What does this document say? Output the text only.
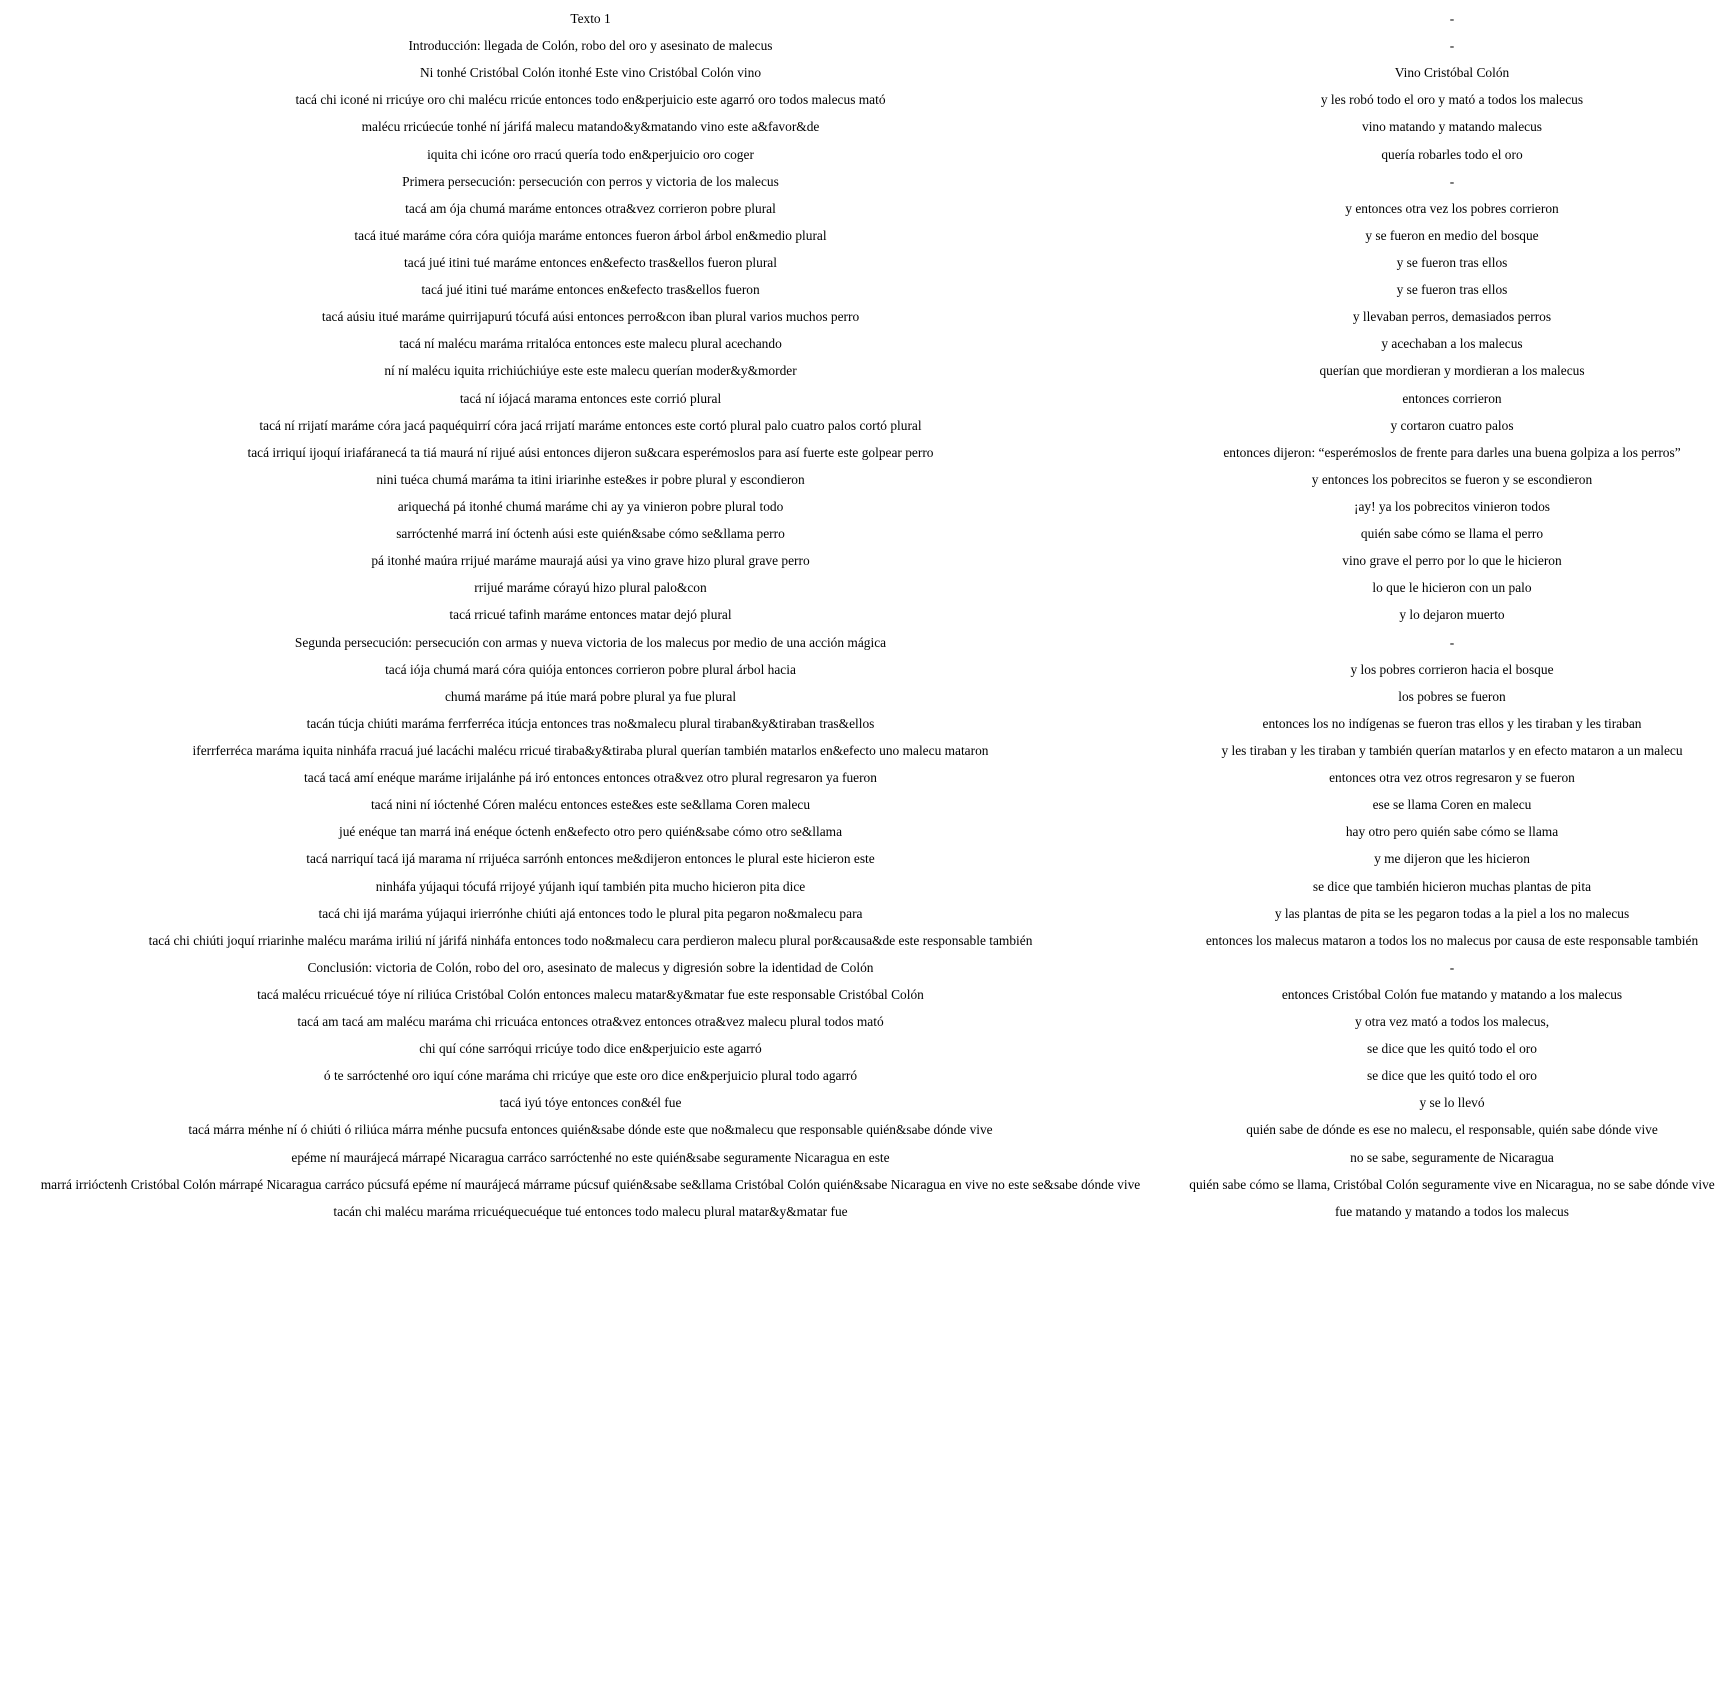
Texto 1	-
Introducción: llegada de Colón, robo del oro y asesinato de malecus	-
Ni tonhé Cristóbal Colón itonhé Este vino Cristóbal Colón vino	Vino Cristóbal Colón
tacá chi iconé ni rricúye oro chi malécu rricúe entonces todo en&perjuicio este agarró oro todos malecus mató	y les robó todo el oro y mató a todos los malecus
malécu rricúecúe tonhé ní járifá malecu matando&y&matando vino este a&favor&de	vino matando y matando malecus
iquita chi icóne oro rracú quería todo en&perjuicio oro coger	quería robarles todo el oro
Primera persecución: persecución con perros y victoria de los malecus	-
tacá am ója chumá maráme entonces otra&vez corrieron pobre plural	y entonces otra vez los pobres corrieron
tacá itué maráme córa córa quiója maráme entonces fueron árbol árbol en&medio plural	y se fueron en medio del bosque
tacá jué itini tué maráme entonces en&efecto tras&ellos fueron plural	y se fueron tras ellos
tacá jué itini tué maráme entonces en&efecto tras&ellos fueron	y se fueron tras ellos
tacá aúsiu itué maráme quirrijapurú tócufá aúsi entonces perro&con iban plural varios muchos perro	y llevaban perros, demasiados perros
tacá ní malécu maráma rritalóca entonces este malecu plural acechando	y acechaban a los malecus
ní ní malécu iquita rrichiúchiúye este este malecu querían moder&y&morder	querían que mordieran y mordieran a los malecus
tacá ní iójacá marama entonces este corrió plural	entonces corrieron
tacá ní rrijatí maráme córa jacá paquéquirrí córa jacá rrijatí maráme entonces este cortó plural palo cuatro palos cortó plural	y cortaron cuatro palos
tacá irriquí ijoquí iriafáranecá ta tiá maurá ní rijué aúsi entonces dijeron su&cara esperémoslos para así fuerte este golpear perro	entonces dijeron: “esperémoslos de frente para darles una buena golpiza a los perros”
nini tuéca chumá maráma ta itini iriarinhe este&es ir pobre plural y escondieron	y entonces los pobrecitos se fueron y se escondieron
ariquechá pá itonhé chumá maráme chi ay ya vinieron pobre plural todo	¡ay! ya los pobrecitos vinieron todos
sarróctenhé marrá iní óctenh aúsi este quién&sabe cómo se&llama perro	quién sabe cómo se llama el perro
pá itonhé maúra rrijué maráme maurajá aúsi ya vino grave hizo plural grave perro	vino grave el perro por lo que le hicieron
rrijué maráme córayú hizo plural palo&con	lo que le hicieron con un palo
tacá rricué tafinh maráme entonces matar dejó plural	y lo dejaron muerto
Segunda persecución: persecución con armas y nueva victoria de los malecus por medio de una acción mágica	-
tacá iója chumá mará córa quiója entonces corrieron pobre plural árbol hacia	y los pobres corrieron hacia el bosque
chumá maráme pá itúe mará pobre plural ya fue plural	los pobres se fueron
tacán túcja chiúti maráma ferrferréca itúcja entonces tras no&malecu plural tiraban&y&tiraban tras&ellos	entonces los no indígenas se fueron tras ellos y les tiraban y les tiraban
iferrferréca maráma iquita ninháfa rracuá jué lacáchi malécu rricué tiraba&y&tiraba plural querían también matarlos en&efecto uno malecu mataron	y les tiraban y les tiraban y también querían matarlos y en efecto mataron a un malecu
tacá tacá amí enéque maráme irijalánhe pá iró entonces entonces otra&vez otro plural regresaron ya fueron	entonces otra vez otros regresaron y se fueron
tacá nini ní ióctenhé Córen malécu entonces este&es este se&llama Coren malecu	ese se llama Coren en malecu
jué enéque tan marrá iná enéque óctenh en&efecto otro pero quién&sabe cómo otro se&llama	hay otro pero quién sabe cómo se llama
tacá narriquí tacá ijá marama ní rrijuéca sarrónh entonces me&dijeron entonces le plural este hicieron este	y me dijeron que les hicieron
ninháfa yújaqui tócufá rrijoyé yújanh iquí también pita mucho hicieron pita dice	se dice que también hicieron muchas plantas de pita
tacá chi ijá maráma yújaqui irierrónhe chiúti ajá entonces todo le plural pita pegaron no&malecu para	y las plantas de pita se les pegaron todas a la piel a los no malecus
tacá chi chiúti joquí rriarinhe malécu maráma iriliú ní járifá ninháfa entonces todo no&malecu cara perdieron malecu plural por&causa&de este responsable también	entonces los malecus mataron a todos los no malecus por causa de este responsable también
Conclusión: victoria de Colón, robo del oro, asesinato de malecus y digresión sobre la identidad de Colón	-
tacá malécu rricuécué tóye ní riliúca Cristóbal Colón entonces malecu matar&y&matar fue este responsable Cristóbal Colón	entonces Cristóbal Colón fue matando y matando a los malecus
tacá am tacá am malécu maráma chi rricuáca entonces otra&vez entonces otra&vez malecu plural todos mató	y otra vez mató a todos los malecus,
chi quí cóne sarróqui rricúye todo dice en&perjuicio este agarró	se dice que les quitó todo el oro
ó te sarróctenhé oro iquí cóne maráma chi rricúye que este oro dice en&perjuicio plural todo agarró	se dice que les quitó todo el oro
tacá iyú tóye entonces con&él fue	y se lo llevó
tacá márra ménhe ní ó chiúti ó riliúca márra ménhe pucsufa entonces quién&sabe dónde este que no&malecu que responsable quién&sabe dónde vive	quién sabe de dónde es ese no malecu, el responsable, quién sabe dónde vive
epéme ní maurájecá márrapé Nicaragua carráco sarróctenhé no este quién&sabe seguramente Nicaragua en este	no se sabe, seguramente de Nicaragua
marrá irrióctenh Cristóbal Colón márrapé Nicaragua carráco púcsufá epéme ní maurájecá márrame púcsuf quién&sabe se&llama Cristóbal Colón quién&sabe Nicaragua en vive no este se&sabe dónde vive	quién sabe cómo se llama, Cristóbal Colón seguramente vive en Nicaragua, no se sabe dónde vive
tacán chi malécu maráma rricuéquecuéque tué entonces todo malecu plural matar&y&matar fue	fue matando y matando a todos los malecus
